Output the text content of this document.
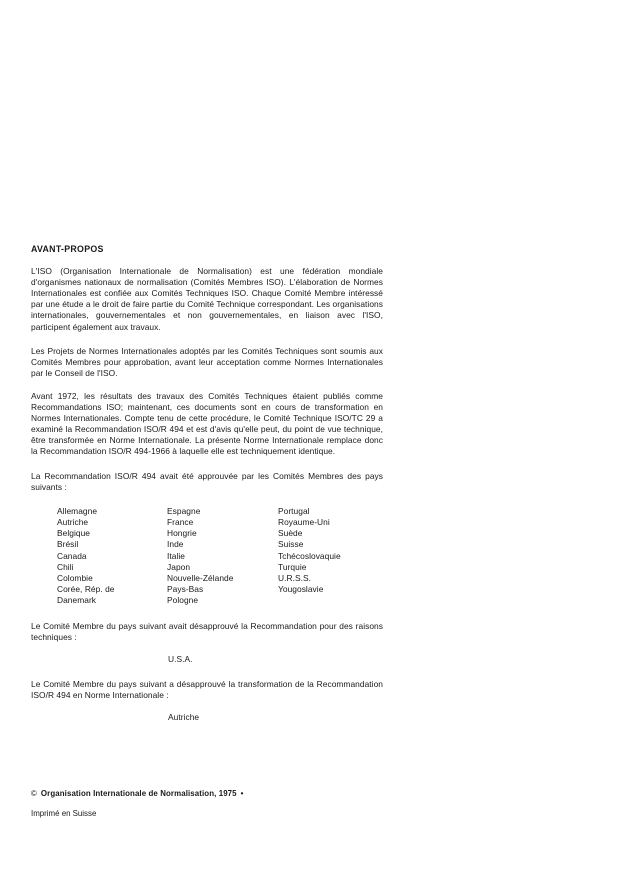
AVANT-PROPOS

L'ISO (Organisation Internationale de Normalisation) est une fédération mondiale d'organismes nationaux de normalisation (Comités Membres ISO). L'élaboration de Normes Internationales est confiée aux Comités Techniques ISO. Chaque Comité Membre intéressé par une étude a le droit de faire partie du Comité Technique correspondant. Les organisations internationales, gouvernementales et non gouvernementales, en liaison avec l'ISO, participent également aux travaux.

Les Projets de Normes Internationales adoptés par les Comités Techniques sont soumis aux Comités Membres pour approbation, avant leur acceptation comme Normes Internationales par le Conseil de l'ISO.

Avant 1972, les résultats des travaux des Comités Techniques étaient publiés comme Recommandations ISO; maintenant, ces documents sont en cours de transformation en Normes Internationales. Compte tenu de cette procédure, le Comité Technique ISO/TC 29 a examiné la Recommandation ISO/R 494 et est d'avis qu'elle peut, du point de vue technique, être transformée en Norme Internationale. La présente Norme Internationale remplace donc la Recommandation ISO/R 494-1966 à laquelle elle est techniquement identique.

La Recommandation ISO/R 494 avait été approuvée par les Comités Membres des pays suivants :

Allemagne
Autriche
Belgique
Brésil
Canada
Chili
Colombie
Corée, Rép. de
Danemark
Espagne
France
Hongrie
Inde
Italie
Japon
Nouvelle-Zélande
Pays-Bas
Pologne
Portugal
Royaume-Uni
Suède
Suisse
Tchécoslovaquie
Turquie
U.R.S.S.
Yougoslavie

Le Comité Membre du pays suivant avait désapprouvé la Recommandation pour des raisons techniques :

U.S.A.

Le Comité Membre du pays suivant a désapprouvé la transformation de la Recommandation ISO/R 494 en Norme Internationale :

Autriche
© Organisation Internationale de Normalisation, 1975 •
Imprimé en Suisse
